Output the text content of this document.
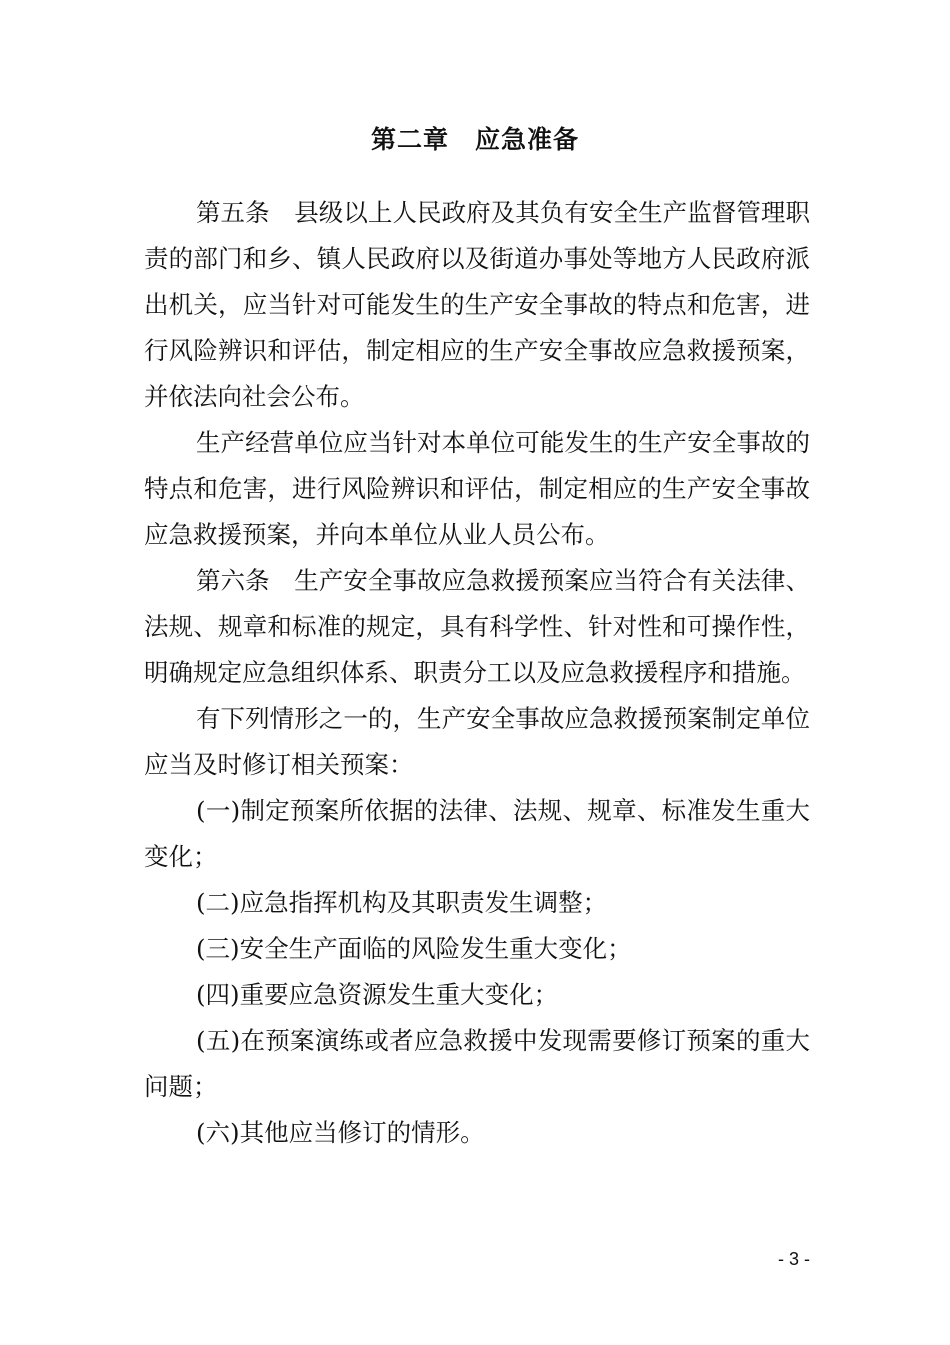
第二章　应急准备

第五条　县级以上人民政府及其负有安全生产监督管理职责的部门和乡、镇人民政府以及街道办事处等地方人民政府派出机关，应当针对可能发生的生产安全事故的特点和危害，进行风险辨识和评估，制定相应的生产安全事故应急救援预案，并依法向社会公布。

生产经营单位应当针对本单位可能发生的生产安全事故的特点和危害，进行风险辨识和评估，制定相应的生产安全事故应急救援预案，并向本单位从业人员公布。

第六条　生产安全事故应急救援预案应当符合有关法律、法规、规章和标准的规定，具有科学性、针对性和可操作性，明确规定应急组织体系、职责分工以及应急救援程序和措施。

有下列情形之一的，生产安全事故应急救援预案制定单位应当及时修订相关预案：

(一)制定预案所依据的法律、法规、规章、标准发生重大变化；

(二)应急指挥机构及其职责发生调整；

(三)安全生产面临的风险发生重大变化；

(四)重要应急资源发生重大变化；

(五)在预案演练或者应急救援中发现需要修订预案的重大问题；

(六)其他应当修订的情形。

- 3 -
